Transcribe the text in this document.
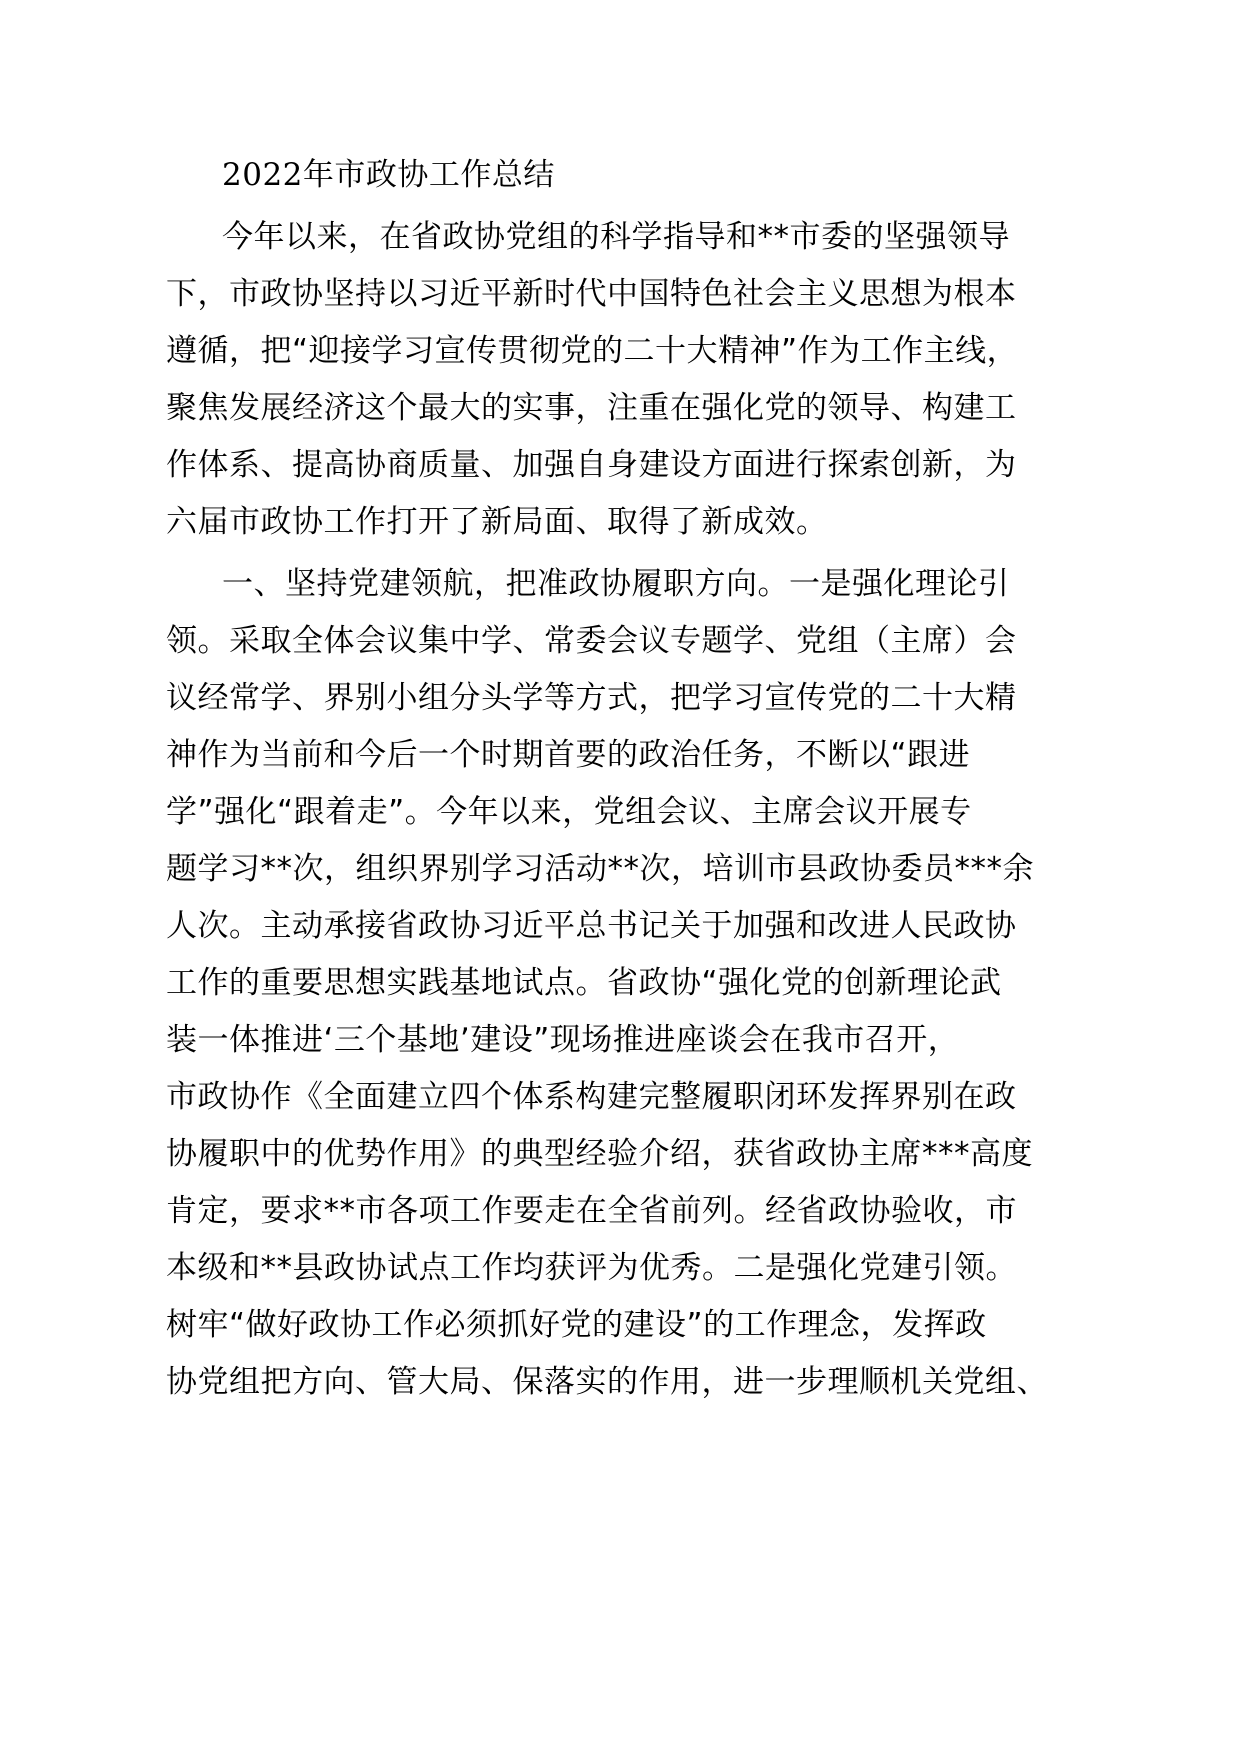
2022年市政协工作总结

今年以来，在省政协党组的科学指导和**市委的坚强领导

下，市政协坚持以习近平新时代中国特色社会主义思想为根本

遵循，把“迎接学习宣传贯彻党的二十大精神”作为工作主线，

聚焦发展经济这个最大的实事，注重在强化党的领导、构建工

作体系、提高协商质量、加强自身建设方面进行探索创新，为

六届市政协工作打开了新局面、取得了新成效。

一、坚持党建领航，把准政协履职方向。一是强化理论引

领。采取全体会议集中学、常委会议专题学、党组（主席）会

议经常学、界别小组分头学等方式，把学习宣传党的二十大精

神作为当前和今后一个时期首要的政治任务，不断以“跟进

学”强化“跟着走”。今年以来，党组会议、主席会议开展专

题学习**次，组织界别学习活动**次，培训市县政协委员***余

人次。主动承接省政协习近平总书记关于加强和改进人民政协

工作的重要思想实践基地试点。省政协“强化党的创新理论武

装一体推进‘三个基地’建设”现场推进座谈会在我市召开，

市政协作《全面建立四个体系构建完整履职闭环发挥界别在政

协履职中的优势作用》的典型经验介绍，获省政协主席***高度

肯定，要求**市各项工作要走在全省前列。经省政协验收，市

本级和**县政协试点工作均获评为优秀。二是强化党建引领。

树牢“做好政协工作必须抓好党的建设”的工作理念，发挥政

协党组把方向、管大局、保落实的作用，进一步理顺机关党组、
